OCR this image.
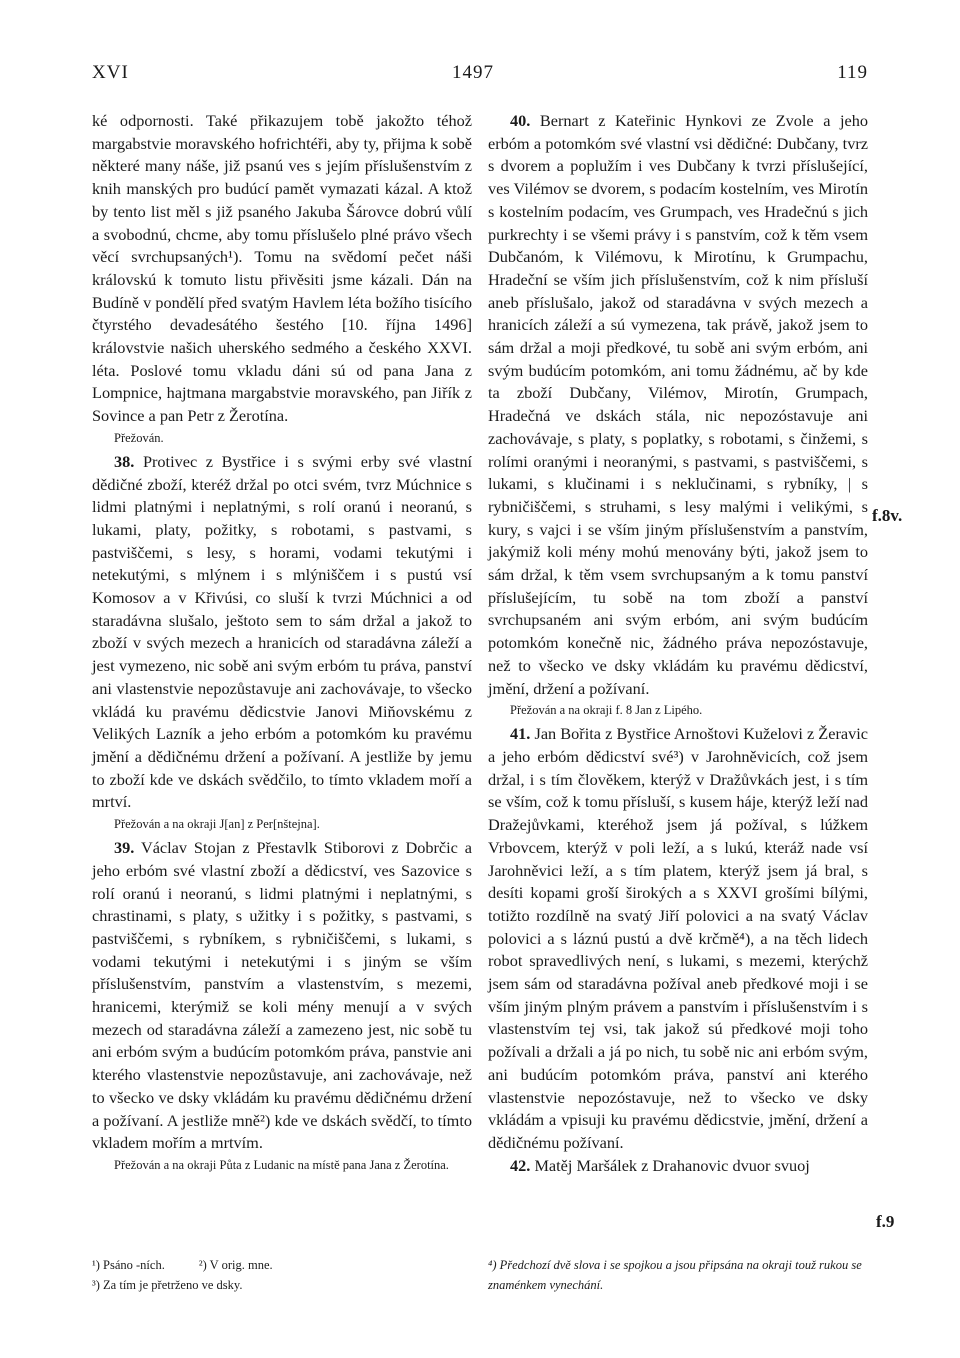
XVI	1497	119

ké odpornosti. Také přikazujem tobě jakožto téhož margabstvie moravského hofrichtéři, aby ty, přijma k sobě některé many náše, již psanú ves s jejím příslušenstvím z knih manských pro budúcí pamět vymazati kázal. A ktož by tento list měl s již psaného Jakuba Šárovce dobrú vůlí a svobodnú, chcme, aby tomu příslušelo plné právo všech věcí svrchupsaných¹). Tomu na svědomí pečet náši královskú k tomuto listu přivěsiti jsme kázali. Dán na Budíně v pondělí před svatým Havlem léta božího tisícího čtyrstého devadesátého šestého [10. října 1496] královstvie našich uherského sedmého a českého XXVI. léta. Poslové tomu vkladu dáni sú od pana Jana z Lompnice, hajtmana margabstvie moravského, pan Jiřík z Sovince a pan Petr z Žerotína.

Přežován.

38. Protivec z Bystřice i s svými erby své vlastní dědičné zboží, kteréž držal po otci svém, tvrz Múchnice s lidmi platnými i neplatnými, s rolí oranú i neoranú, s lukami, platy, požitky, s robotami, s pastvami, s pastviščemi, s lesy, s horami, vodami tekutými i netekutými, s mlýnem i s mlýniščem i s pustú vsí Komosov a v Křivúsi, co sluší k tvrzi Múchnici a od staradávna slušalo, ještoto sem to sám držal a jakož to zboží v svých mezech a hranicích od staradávna záleží a jest vymezeno, nic sobě ani svým erbóm tu práva, panství ani vlastenstvie nepozůstavuje ani zachovávaje, to všecko vkládá ku pravému dědicstvie Janovi Miňovskému z Velikých Lazník a jeho erbóm a potomkóm ku pravému jmění a dědičnému držení a požívaní. A jestliže by jemu to zboží kde ve dskách svědčilo, to tímto vkladem moří a mrtví.

Přežován a na okraji J[an] z Per[nštejna].

39. Václav Stojan z Přestavlk Stiborovi z Dobrčic a jeho erbóm své vlastní zboží a dědicství, ves Sazovice s rolí oranú i neoranú, s lidmi platnými i neplatnými, s chrastinami, s platy, s užitky i s požitky, s pastvami, s pastviščemi, s rybníkem, s rybničiščemi, s lukami, s vodami tekutými i netekutými i s jiným se vším příslušenstvím, panstvím a vlastenstvím, s mezemi, hranicemi, kterýmiž se koli mény menují a v svých mezech od staradávna záleží a zamezeno jest, nic sobě tu ani erbóm svým a budúcím potomkóm práva, panstvie ani kterého vlastenstvie nepozůstavuje, ani zachovávaje, než to všecko ve dsky vkládám ku pravému dědičnému držení a požívaní. A jestliže mně²) kde ve dskách svědčí, to tímto vkladem mořím a mrtvím.

Přežován a na okraji Půta z Ludanic na místě pana Jana z Žerotína.

40. Bernart z Kateřinic Hynkovi ze Zvole a jeho erbóm a potomkóm své vlastní vsi dědičné: Dubčany, tvrz s dvorem a poplužím i ves Dubčany k tvrzi příslušející, ves Vilémov se dvorem, s podacím kostelním, ves Mirotín s kostelním podacím, ves Grumpach, ves Hradečnú s jich purkrechty i se všemi právy i s panstvím, což k těm vsem Dubčanóm, k Vilémovu, k Mirotínu, k Grumpachu, Hradeční se vším jich příslušenstvím, což k nim přísluší aneb příslušalo, jakož od staradávna v svých mezech a hranicích záleží a sú vymezena, tak právě, jakož jsem to sám držal a moji předkové, tu sobě ani svým erbóm, ani svým budúcím potomkóm, ani tomu žádnému, ač by kde ta zboží Dubčany, Vilémov, Mirotín, Grumpach, Hradečná ve dskách stála, nic nepozóstavuje ani zachovávaje, s platy, s poplatky, s robotami, s činžemi, s rolími oranými i neoranými, s pastvami, s pastviščemi, s lukami, s klučinami i s neklučinami, s rybníky, | s rybničiščemi, s struhami, s lesy malými i velikými, s kury, s vajci i se vším jiným příslušenstvím a panstvím, jakýmiž koli mény mohú menovány býti, jakož jsem to sám držal, k těm vsem svrchupsaným a k tomu panství příslušejícím, tu sobě na tom zboží a panství svrchupsaném ani svým erbóm, ani svým budúcím potomkóm konečně nic, žádného práva nepozóstavuje, než to všecko ve dsky vkládám ku pravému dědicství, jmění, držení a požívaní.

Přežován a na okraji f. 8 Jan z Lipého.

41. Jan Bořita z Bystřice Arnoštovi Kuželovi z Žeravic a jeho erbóm dědicství své³) v Jarohněvicích, což jsem držal, i s tím člověkem, kterýž v Dražůvkách jest, i s tím se vším, což k tomu přísluší, s kusem háje, kterýž leží nad Dražejůvkami, kteréhož jsem já požíval, s lúžkem Vrbovcem, kterýž v poli leží, a s lukú, kteráž nade vsí Jarohněvici leží, a s tím platem, kterýž jsem já bral, s desíti kopami groší širokých a s XXVI grošími bílými, totižto rozdílně na svatý Jiří polovici a na svatý Václav polovici a s láznú pustú a dvě krčmě⁴), a na těch lidech robot spravedlivých není, s lukami, s mezemi, kterýchž jsem sám od staradávna požíval aneb předkové moji i se vším jiným plným právem a panstvím i příslušenstvím i s vlastenstvím tej vsi, tak jakož sú předkové moji toho požívali a držali a já po nich, tu sobě nic ani erbóm svým, ani budúcím potomkóm práva, panství ani kterého vlastenstvie nepozóstavuje, než to všecko ve dsky vkládám a vpisuji ku pravému dědicstvie, jmění, držení a dědičnému požívaní.

42. Matěj Maršálek z Drahanovic dvuor svuoj

f.8v.
f.9
¹) Psáno -ních.	²) V orig. mne.
³) Za tím je přetrženo ve dsky.
⁴) Předchozí dvě slova i se spojkou a jsou připsána na okraji touž rukou se znaménkem vynechání.
